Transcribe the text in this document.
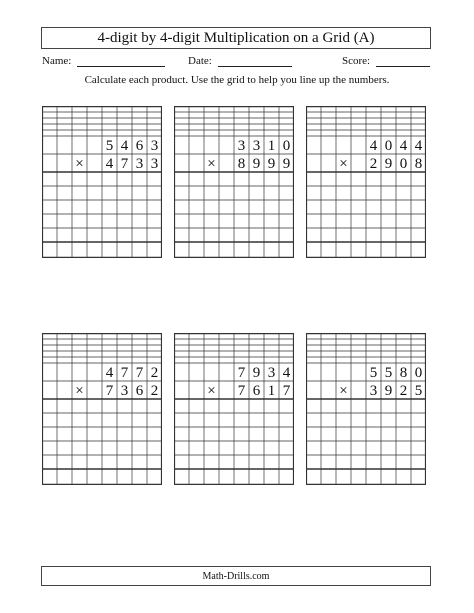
4-digit by 4-digit Multiplication on a Grid (A)
Name:	Date:	Score:
Calculate each product. Use the grid to help you line up the numbers.
5 4 6 3
4 7 3 3
×
3 3 1 0
8 9 9 9
×
4 0 4 4
2 9 0 8
×
4 7 7 2
7 3 6 2
×
7 9 3 4
7 6 1 7
×
5 5 8 0
3 9 2 5
×
Math-Drills.com
